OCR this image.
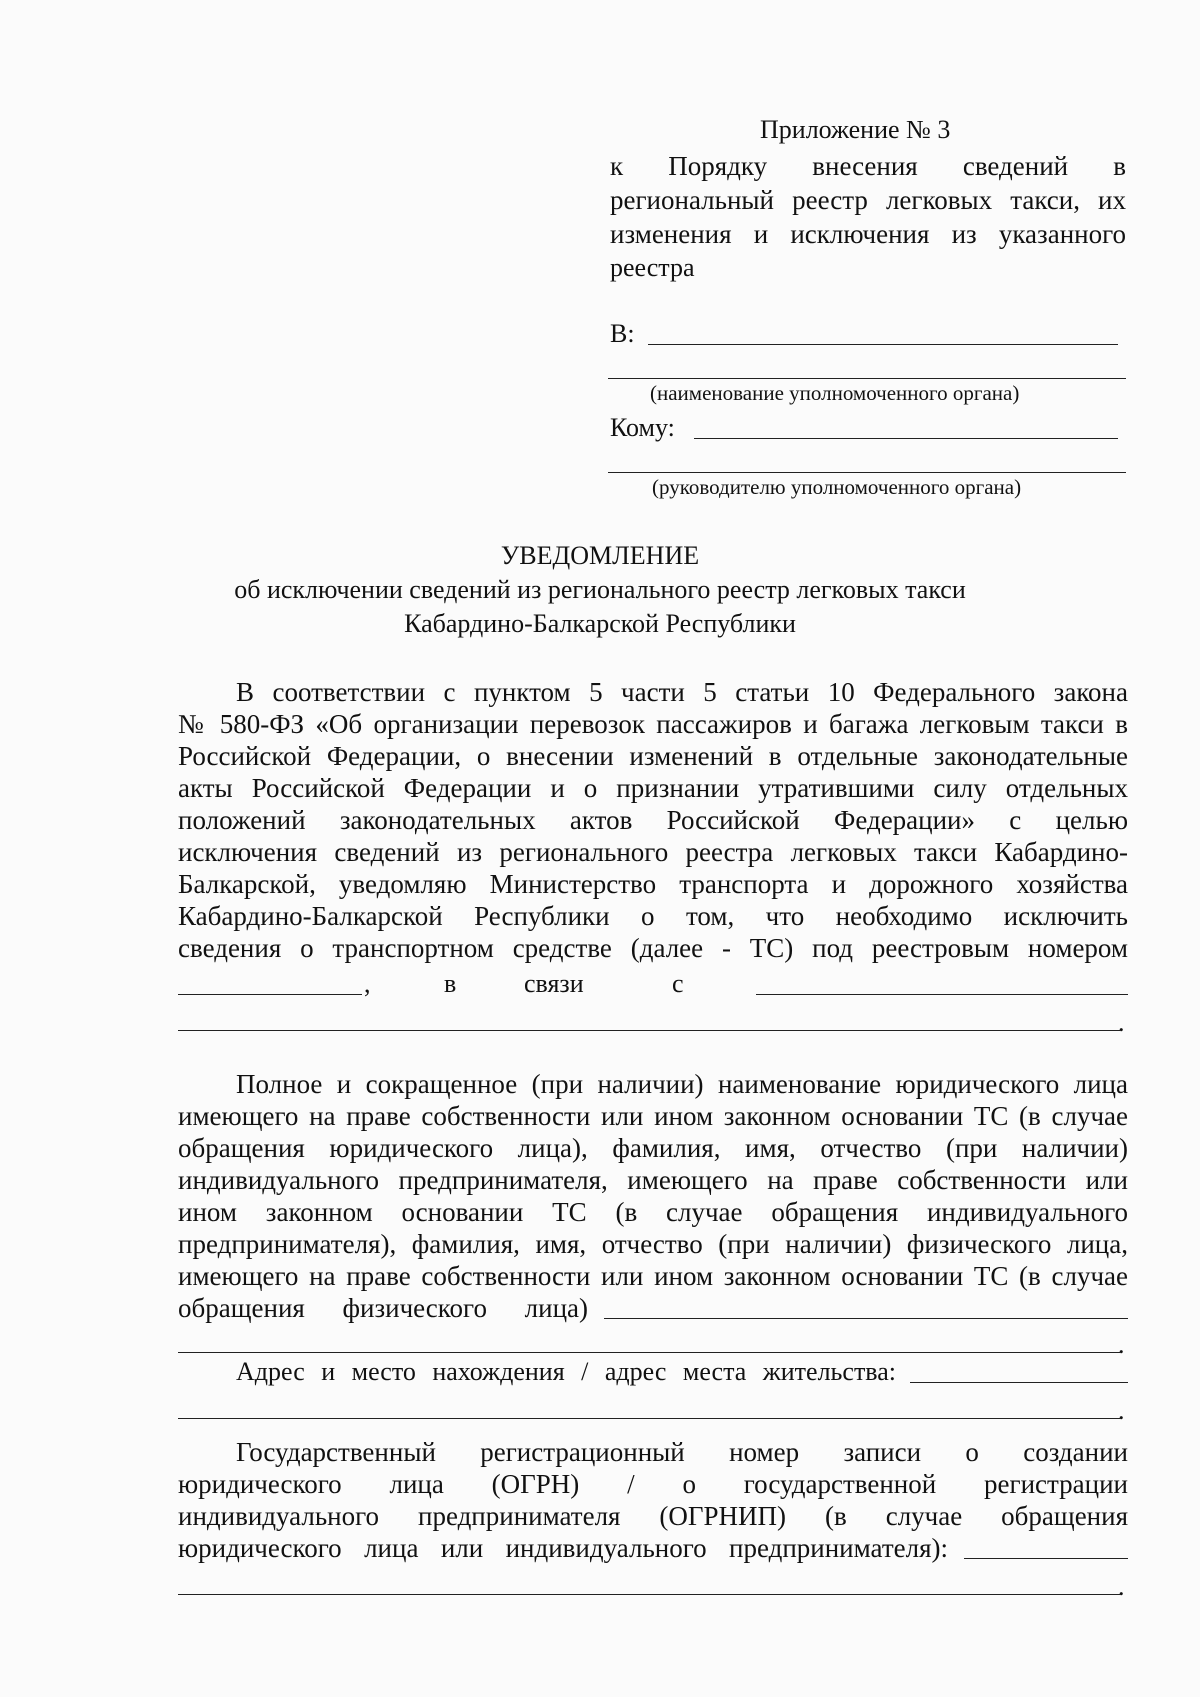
Приложение № 3
к Порядку внесения сведений в
региональный реестр легковых такси, их
изменения и исключения из указанного
реестра
В:
(наименование уполномоченного органа)
Кому:
(руководителю уполномоченного органа)
УВЕДОМЛЕНИЕ
об исключении сведений из регионального реестр легковых такси
Кабардино-Балкарской Республики
В соответствии с пунктом 5 части 5 статьи 10 Федерального закона
№ 580-ФЗ «Об организации перевозок пассажиров и багажа легковым такси в
Российской Федерации, о внесении изменений в отдельные законодательные
акты Российской Федерации и о признании утратившими силу отдельных
положений законодательных актов Российской Федерации» с целью
исключения сведений из регионального реестра легковых такси Кабардино-
Балкарской, уведомляю Министерство транспорта и дорожного хозяйства
Кабардино-Балкарской Республики о том, что необходимо исключить
сведения о транспортном средстве (далее - ТС) под реестровым номером
,	в	связи	с
.
Полное и сокращенное (при наличии) наименование юридического лица
имеющего на праве собственности или ином законном основании ТС (в случае
обращения юридического лица), фамилия, имя, отчество (при наличии)
индивидуального предпринимателя, имеющего на праве собственности или
ином законном основании ТС (в случае обращения индивидуального
предпринимателя), фамилия, имя, отчество (при наличии) физического лица,
имеющего на праве собственности или ином законном основании ТС (в случае
обращения физического лица)
.
Адрес и место нахождения / адрес места жительства:
.
Государственный регистрационный номер записи о создании
юридического лица (ОГРН) / о государственной регистрации
индивидуального предпринимателя (ОГРНИП) (в случае обращения
юридического лица или индивидуального предпринимателя):
.
